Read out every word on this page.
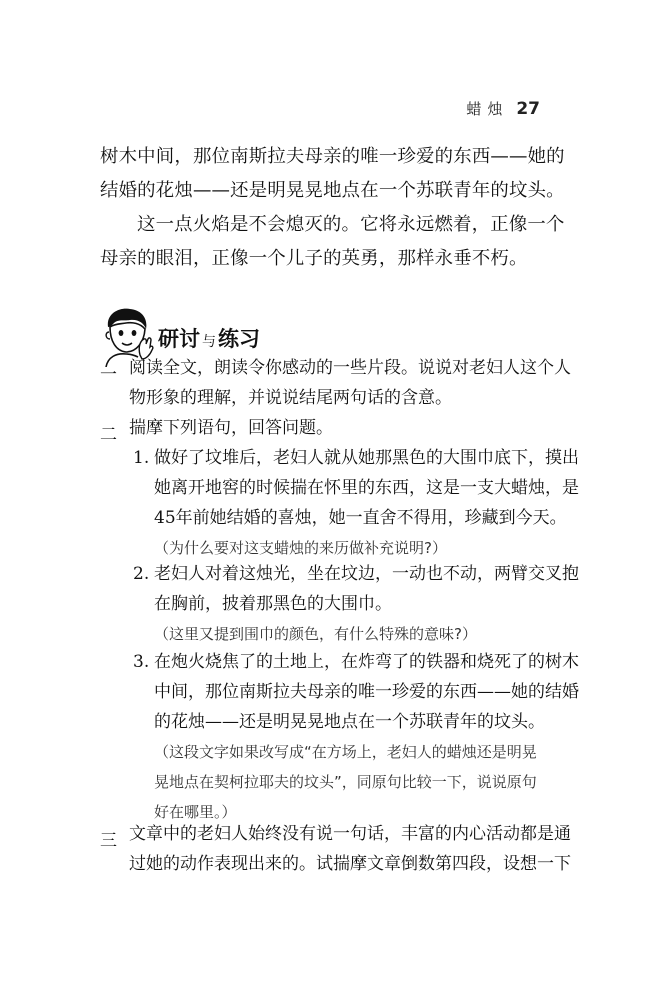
蜡烛 27
树木中间，那位南斯拉夫母亲的唯一珍爱的东西——她的
结婚的花烛——还是明晃晃地点在一个苏联青年的坟头。
这一点火焰是不会熄灭的。它将永远燃着，正像一个
母亲的眼泪，正像一个儿子的英勇，那样永垂不朽。
研讨 与练习
一 阅读全文，朗读令你感动的一些片段。说说对老妇人这个人
物形象的理解，并说说结尾两句话的含意。
二 揣摩下列语句，回答问题。
1. 做好了坟堆后，老妇人就从她那黑色的大围巾底下，摸出
她离开地窖的时候揣在怀里的东西，这是一支大蜡烛，是
45年前她结婚的喜烛，她一直舍不得用，珍藏到今天。
（为什么要对这支蜡烛的来历做补充说明?）
2. 老妇人对着这烛光，坐在坟边，一动也不动，两臂交叉抱
在胸前，披着那黑色的大围巾。
（这里又提到围巾的颜色，有什么特殊的意味?）
3. 在炮火烧焦了的土地上，在炸弯了的铁器和烧死了的树木
中间，那位南斯拉夫母亲的唯一珍爱的东西——她的结婚
的花烛——还是明晃晃地点在一个苏联青年的坟头。
（这段文字如果改写成“在方场上，老妇人的蜡烛还是明晃
晃地点在契柯拉耶夫的坟头”，同原句比较一下，说说原句
好在哪里。）
三 文章中的老妇人始终没有说一句话，丰富的内心活动都是通
过她的动作表现出来的。试揣摩文章倒数第四段，设想一下
